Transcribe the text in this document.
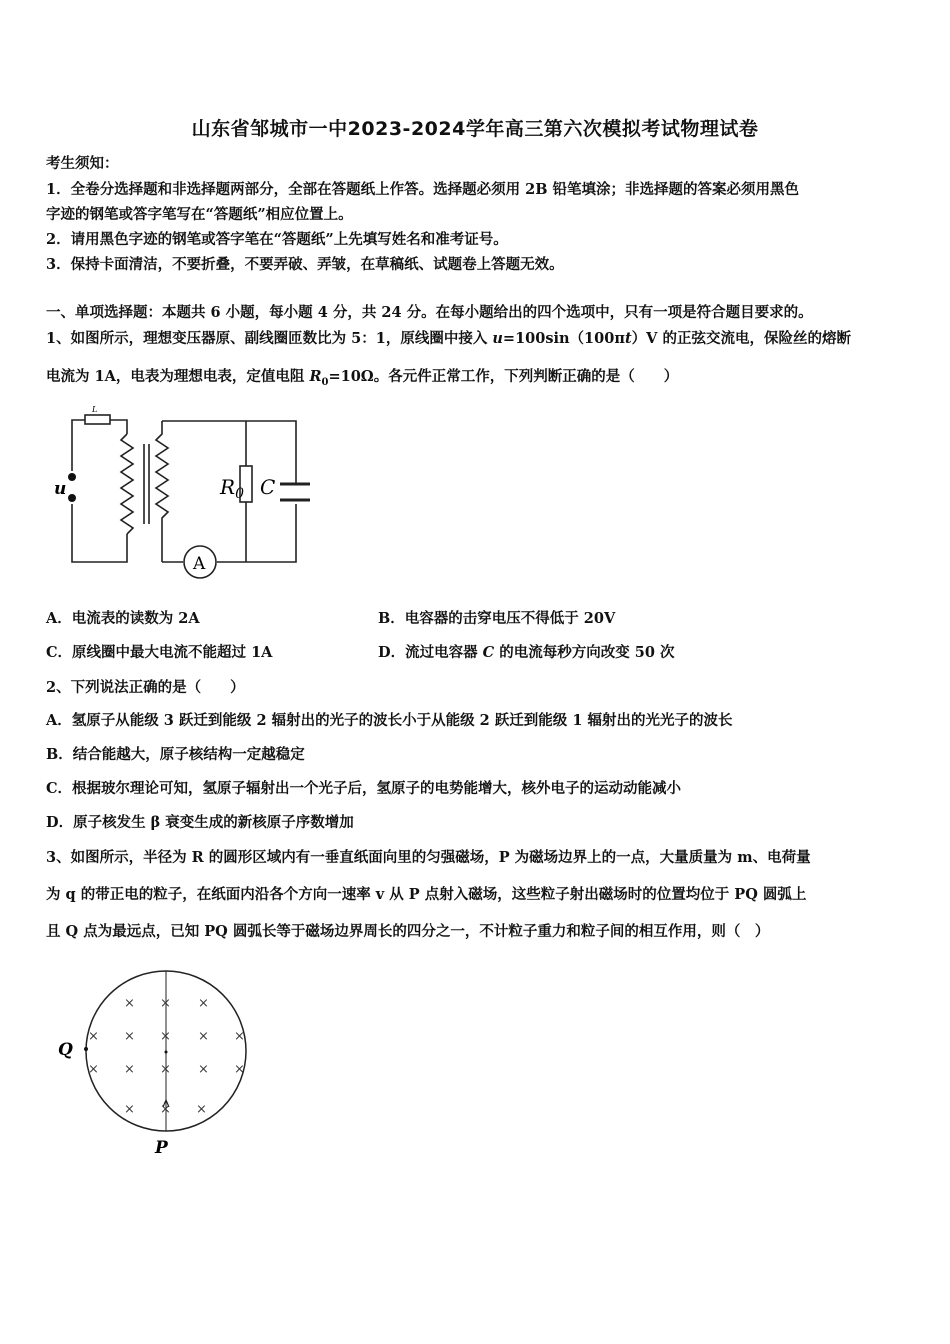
山东省邹城市一中2023-2024学年高三第六次模拟考试物理试卷
考生须知：
1．全卷分选择题和非选择题两部分，全部在答题纸上作答。选择题必须用 2B 铅笔填涂；非选择题的答案必须用黑色
字迹的钢笔或答字笔写在“答题纸”相应位置上。
2．请用黑色字迹的钢笔或答字笔在“答题纸”上先填写姓名和准考证号。
3．保持卡面清洁，不要折叠，不要弄破、弄皱，在草稿纸、试题卷上答题无效。
一、单项选择题：本题共 6 小题，每小题 4 分，共 24 分。在每小题给出的四个选项中，只有一项是符合题目要求的。
1、如图所示，理想变压器原、副线圈匝数比为 5：1，原线圈中接入 u=100sin（100πt）V 的正弦交流电，保险丝的熔断
电流为 1A，电表为理想电表，定值电阻 $R_0=10\Omega$。各元件正常工作，下列判断正确的是（　　）
u
L
$R_0$ C
A
A．电流表的读数为 2A	B．电容器的击穿电压不得低于 20V
C．原线圈中最大电流不能超过 1A	D．流过电容器 C 的电流每秒方向改变 50 次
2、下列说法正确的是（　　）
A．氢原子从能级 3 跃迁到能级 2 辐射出的光子的波长小于从能级 2 跃迁到能级 1 辐射出的光光子的波长
B．结合能越大，原子核结构一定越稳定
C．根据玻尔理论可知，氢原子辐射出一个光子后，氢原子的电势能增大，核外电子的运动动能减小
D．原子核发生 β 衰变生成的新核原子序数增加
3、如图所示，半径为 R 的圆形区域内有一垂直纸面向里的匀强磁场，P 为磁场边界上的一点，大量质量为 m、电荷量
为 q 的带正电的粒子，在纸面内沿各个方向一速率 v 从 P 点射入磁场，这些粒子射出磁场时的位置均位于 PQ 圆弧上
且 Q 点为最远点，已知 PQ 圆弧长等于磁场边界周长的四分之一，不计粒子重力和粒子间的相互作用，则（　）
× × ×
× × × × ×
× × × × ×
× × ×
Q
P
